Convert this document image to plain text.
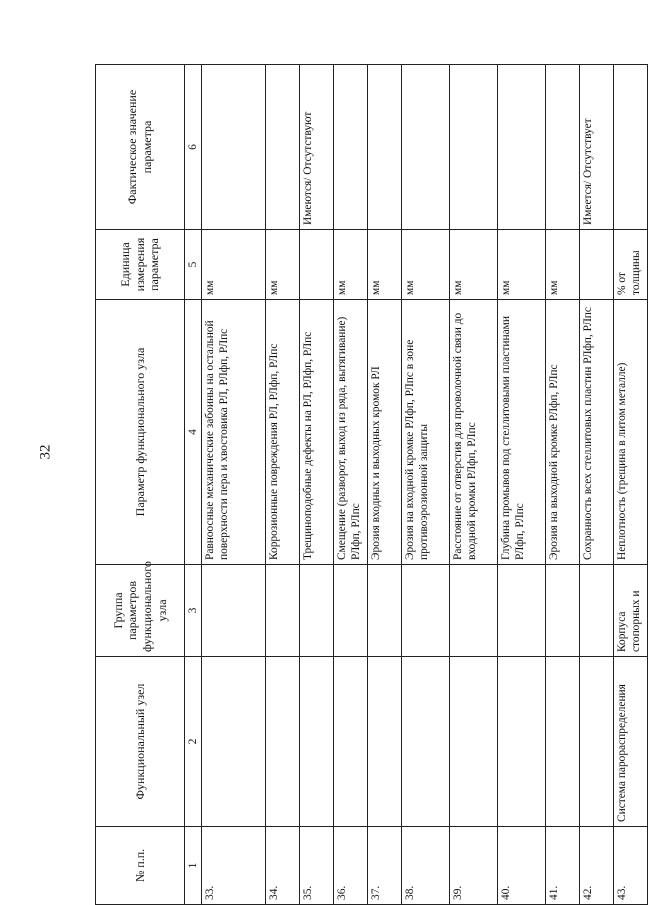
32
№ п.п.	Функциональный узел	Группа параметров функционального узла	Параметр функционального узла	Единица измерения параметра	Фактическое значение параметра
1	2	3	4	5	6
33.			Равноосные механические забоины на остальной поверхности пера и хвостовика РЛ, РЛфп, РЛпс	мм	
34.			Коррозионные повреждения РЛ, РЛфп, РЛпс	мм	
35.			Трещиноподобные дефекты на РЛ, РЛфп, РЛпс		Имеются/ Отсутствуют
36.			Смещение (разворот, выход из ряда, вытягивание) РЛфп, РЛпс	мм	
37.			Эрозия входных и выходных кромок РЛ	мм	
38.			Эрозия на входной кромке РЛфп, РЛпс в зоне противоэрозионной защиты	мм	
39.			Расстояние от отверстия для проволочной связи до входной кромки РЛфп, РЛпс	мм	
40.			Глубина промывов под стеллитовыми пластинами РЛфп, РЛпс	мм	
41.			Эрозия на выходной кромке РЛфп, РЛпс	мм	
42.			Сохранность всех стеллитовых пластин РЛфп, РЛпс		Имеется/ Отсутствует
43.	Система парораспределения	Корпуса стопорных и	Неплотность (трещина в литом металле)	% от толщины	
